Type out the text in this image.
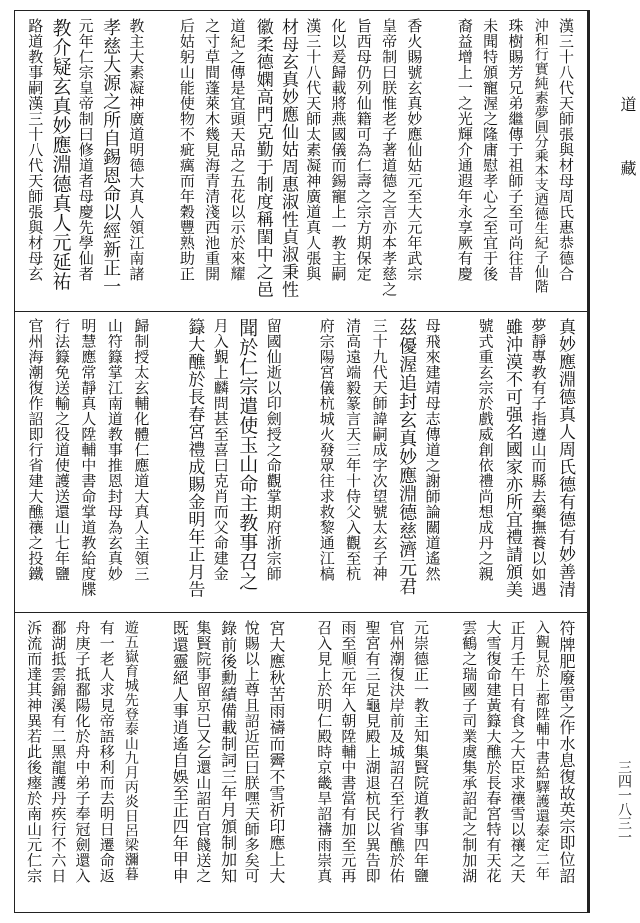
道
藏
三四一八三一
漢三十八代天師張與材母周氏惠恭德合
沖和行實純素夢圓分乘本支迺德生紀子仙階
珠樹賜芳兄弟繼傳于祖師子至可尚往昔
未聞特頒寵渥之隆庸慰孝心之至宜于後
裔益增上一之光輝介通遐年永享厥有慶
香火賜號玄真妙應仙姑元至大元年武宗
皇帝制曰朕惟老子著道德之言亦本孝慈之
旨西母仍列仙籍可為仁壽之宗方期保定
化以爰歸載將燕國儀而錫寵上一教主嗣
漢三十八代天師太素凝神廣道真人張與
材母玄真妙應仙姑周惠淑性貞淑秉性
徽柔德嫻高門克勤于制度稱閨中之邑
道紀之傳是宜頭天品之五花以示於來耀
之寸草間蓬萊木幾見海青清淺西池重開
后姑躬山能使物不疵癘而年穀豐熟助正
教主大素凝神廣道明德大真人領江南諸
孝慈大源之所自錫恩命以經新正一
元年仁宗皇帝制曰修道者母慶先學仙者
教介疑玄真妙應淵德真人元延祐
路道教事嗣漢三十八代天師張與材母玄
真妙應淵德真人周氏德有德有妙善清
夢靜專教有子指遵山而縣去藥撫養以如遇
雖沖漠不可强名國家亦所宜禮請頒美
號式重玄宗於戲威創依禮尚想成丹之親
母飛來建靖母志傳道之謝師論關道遙然
茲優渥追封玄真妙應淵德慈濟元君
三十九代天師諱嗣成字次望號太玄子神
清高遠端毅篆言天三年十侍父入觀至杭
府宗陽宮儀杭城火發眾往求救黎通江槁
留國仙逝以印劍授之命觀掌期府浙宗師
聞於仁宗遣使玉山命主教事召之
月入覲上麟問甚至喜曰克肖而父命建金
籙大醮於長春宮禮成賜金明年正月告
歸制授太玄輔化體仁應道大真人主領三
山符籙掌江南道教事推恩封母為玄真妙
明慧應常靜真人陞輔中書命掌道教給度牒
行法籙免送輸之役道使護送還山七年鹽
官州海潮復作詔即行省建大醮禳之投鐵
符牌肥廢雷之作水息復故英宗即位詔
入覲見於上都陞輔中書給驛護還泰定二年
正月壬午日有食之大臣求禳雪以禳之天
大雪復命建黃籙大醮於長春宮特有天花
雲鶴之瑞國子司業虞集承詔記之制加湖
元崇德正一教主知集賢院道教事四年鹽
官州潮復決岸前及城詔召至行省醮於佑
聖宮有三足龜見殿上湖退杭民以異告即
雨至順元年入朝陞輔中書當有加至元再
召入見上於明仁殿時京畿旱詔禱雨崇真
宮大應秋苦雨禱而霽不雪祈印應上大
悅賜以上尊且詔近臣曰朕嘿天師多矣可
錄前後勳績備載制詞三年月頒制加知
集賢院事留京已又乞還山詔百官餞送之
既還靈絕人事逍遙自娛至正四年甲申
遊五嶽育城先登泰山九月丙炎日呂梁瀰暮
有一老人求見帝語移利而去明日遷命返
舟庚子抵鄱陽化於舟中弟子奉冠劍還入
鄱湖抵雲錦溪有二黑龍護丹疾行不六日
泝流而達其神異若此後瘞於南山元仁宗
